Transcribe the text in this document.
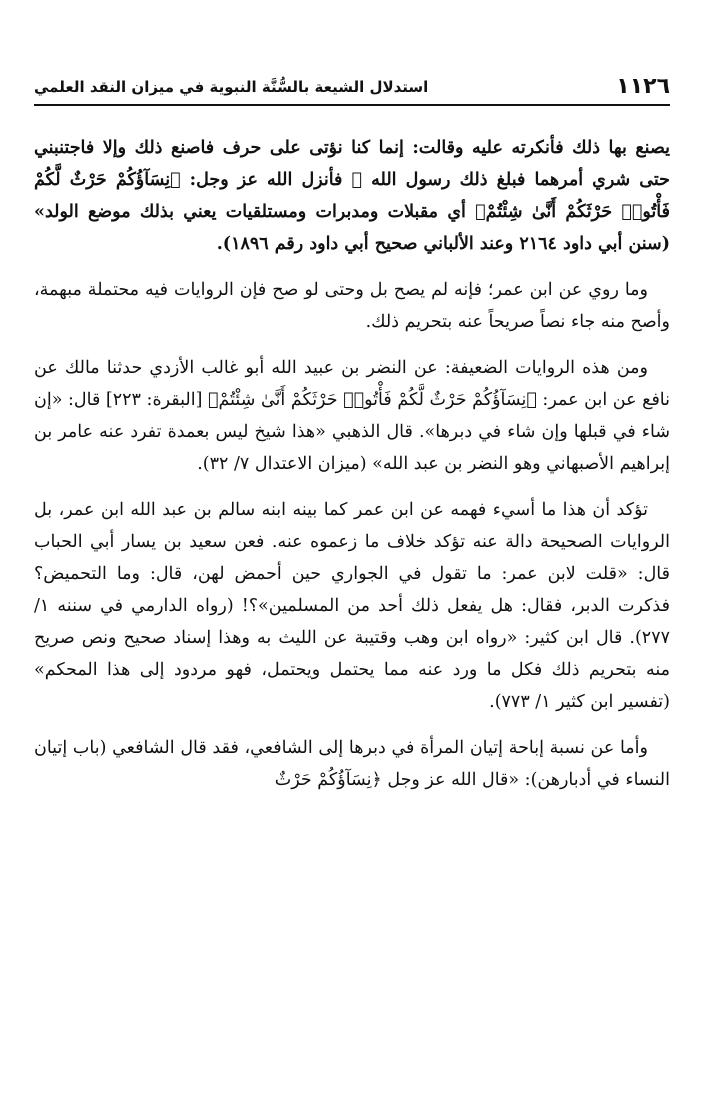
١١٢٦
استدلال الشيعة بالسُّنَّة النبوية في ميزان النقد العلمي

يصنع بها ذلك فأنكرته عليه وقالت: إنما كنا نؤتى على حرف فاصنع ذلك وإلا فاجتنبني حتى شري أمرهما فبلغ ذلك رسول الله ﷺ فأنزل الله عز وجل: ﴿نِسَآؤُكُمْ حَرْثٌ لَّكُمْ فَأْتُوا۟ حَرْثَكُمْ أَنَّىٰ شِئْتُمْ﴾ أي مقبلات ومدبرات ومستلقيات يعني بذلك موضع الولد» (سنن أبي داود ٢١٦٤ وعند الألباني صحيح أبي داود رقم ١٨٩٦).

وما روي عن ابن عمر؛ فإنه لم يصح بل وحتى لو صح فإن الروايات فيه محتملة مبهمة، وأصح منه جاء نصاً صريحاً عنه بتحريم ذلك.

ومن هذه الروايات الضعيفة: عن النضر بن عبيد الله أبو غالب الأزدي حدثنا مالك عن نافع عن ابن عمر: ﴿نِسَآؤُكُمْ حَرْثٌ لَّكُمْ فَأْتُوا۟ حَرْثَكُمْ أَنَّىٰ شِئْتُمْ﴾ [البقرة: ٢٢٣] قال: «إن شاء في قبلها وإن شاء في دبرها». قال الذهبي «هذا شيخ ليس بعمدة تفرد عنه عامر بن إبراهيم الأصبهاني وهو النضر بن عبد الله» (ميزان الاعتدال ٧/ ٣٢).

تؤكد أن هذا ما أسيء فهمه عن ابن عمر كما بينه ابنه سالم بن عبد الله ابن عمر، بل الروايات الصحيحة دالة عنه تؤكد خلاف ما زعموه عنه. فعن سعيد بن يسار أبي الحباب قال: «قلت لابن عمر: ما تقول في الجواري حين أحمض لهن، قال: وما التحميض؟ فذكرت الدبر، فقال: هل يفعل ذلك أحد من المسلمين»؟! (رواه الدارمي في سننه ١/ ٢٧٧). قال ابن كثير: «رواه ابن وهب وقتيبة عن الليث به وهذا إسناد صحيح ونص صريح منه بتحريم ذلك فكل ما ورد عنه مما يحتمل ويحتمل، فهو مردود إلى هذا المحكم» (تفسير ابن كثير ١/ ٧٧٣).

وأما عن نسبة إباحة إتيان المرأة في دبرها إلى الشافعي، فقد قال الشافعي (باب إتيان النساء في أدبارهن): «قال الله عز وجل ﴿نِسَآؤُكُمْ حَرْثٌ
